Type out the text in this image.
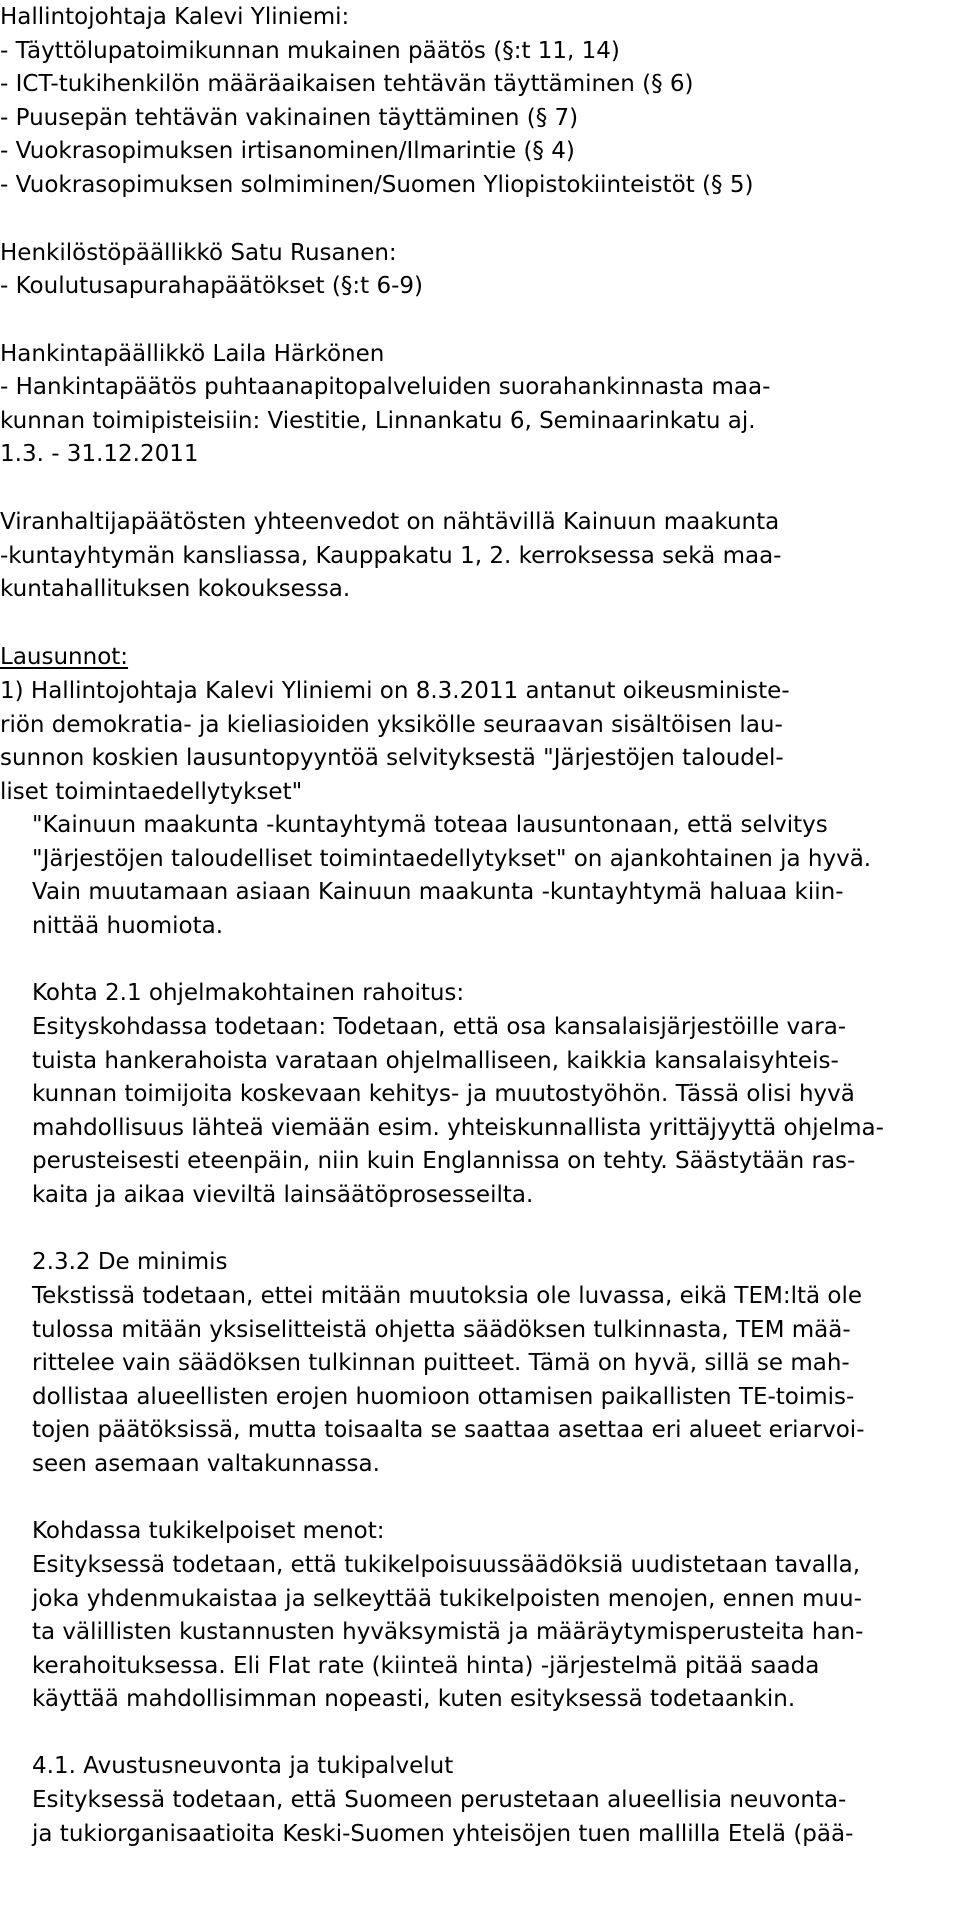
Hallintojohtaja Kalevi Yliniemi:
- Täyttölupatoimikunnan mukainen päätös (§:t 11, 14)
- ICT-tukihenkilön määräaikaisen tehtävän täyttäminen (§ 6)
- Puusepän tehtävän vakinainen täyttäminen (§ 7)
- Vuokrasopimuksen irtisanominen/Ilmarintie (§ 4)
- Vuokrasopimuksen solmiminen/Suomen Yliopistokiinteistöt (§ 5)
Henkilöstöpäällikkö Satu Rusanen:
- Koulutusapurahapäätökset (§:t 6-9)
Hankintapäällikkö Laila Härkönen
- Hankintapäätös puhtaanapitopalveluiden suorahankinnasta maa-
kunnan toimipisteisiin: Viestitie, Linnankatu 6, Seminaarinkatu aj.
1.3. - 31.12.2011
Viranhaltijapäätösten yhteenvedot on nähtävillä Kainuun maakunta
-kuntayhtymän kansliassa, Kauppakatu 1, 2. kerroksessa sekä maa-
kuntahallituksen kokouksessa.
Lausunnot:
1) Hallintojohtaja Kalevi Yliniemi on 8.3.2011 antanut oikeusministe-
riön demokratia- ja kieliasioiden yksikölle seuraavan sisältöisen lau-
sunnon koskien lausuntopyyntöä selvityksestä "Järjestöjen taloudel-
liset toimintaedellytykset"
"Kainuun maakunta -kuntayhtymä toteaa lausuntonaan, että selvitys
"Järjestöjen taloudelliset toimintaedellytykset" on ajankohtainen ja hyvä.
Vain muutamaan asiaan Kainuun maakunta -kuntayhtymä haluaa kiin-
nittää huomiota.
Kohta 2.1 ohjelmakohtainen rahoitus:
Esityskohdassa todetaan: Todetaan, että osa kansalaisjärjestöille vara-
tuista hankerahoista varataan ohjelmalliseen, kaikkia kansalaisyhteis-
kunnan toimijoita koskevaan kehitys- ja muutostyöhön. Tässä olisi hyvä
mahdollisuus lähteä viemään esim. yhteiskunnallista yrittäjyyttä ohjelma-
perusteisesti eteenpäin, niin kuin Englannissa on tehty. Säästytään ras-
kaita ja aikaa vieviltä lainsäätöprosesseilta.
2.3.2 De minimis
Tekstissä todetaan, ettei mitään muutoksia ole luvassa, eikä TEM:ltä ole
tulossa mitään yksiselitteistä ohjetta säädöksen tulkinnasta, TEM mää-
rittelee vain säädöksen tulkinnan puitteet. Tämä on hyvä, sillä se mah-
dollistaa alueellisten erojen huomioon ottamisen paikallisten TE-toimis-
tojen päätöksissä, mutta toisaalta se saattaa asettaa eri alueet eriarvoi-
seen asemaan valtakunnassa.
Kohdassa tukikelpoiset menot:
Esityksessä todetaan, että tukikelpoisuussäädöksiä uudistetaan tavalla,
joka yhdenmukaistaa ja selkeyttää tukikelpoisten menojen, ennen muu-
ta välillisten kustannusten hyväksymistä ja määräytymisperusteita han-
kerahoituksessa. Eli Flat rate (kiinteä hinta) -järjestelmä pitää saada
käyttää mahdollisimman nopeasti, kuten esityksessä todetaankin.
4.1. Avustusneuvonta ja tukipalvelut
Esityksessä todetaan, että Suomeen perustetaan alueellisia neuvonta-
ja tukiorganisaatioita Keski-Suomen yhteisöjen tuen mallilla Etelä (pää-
